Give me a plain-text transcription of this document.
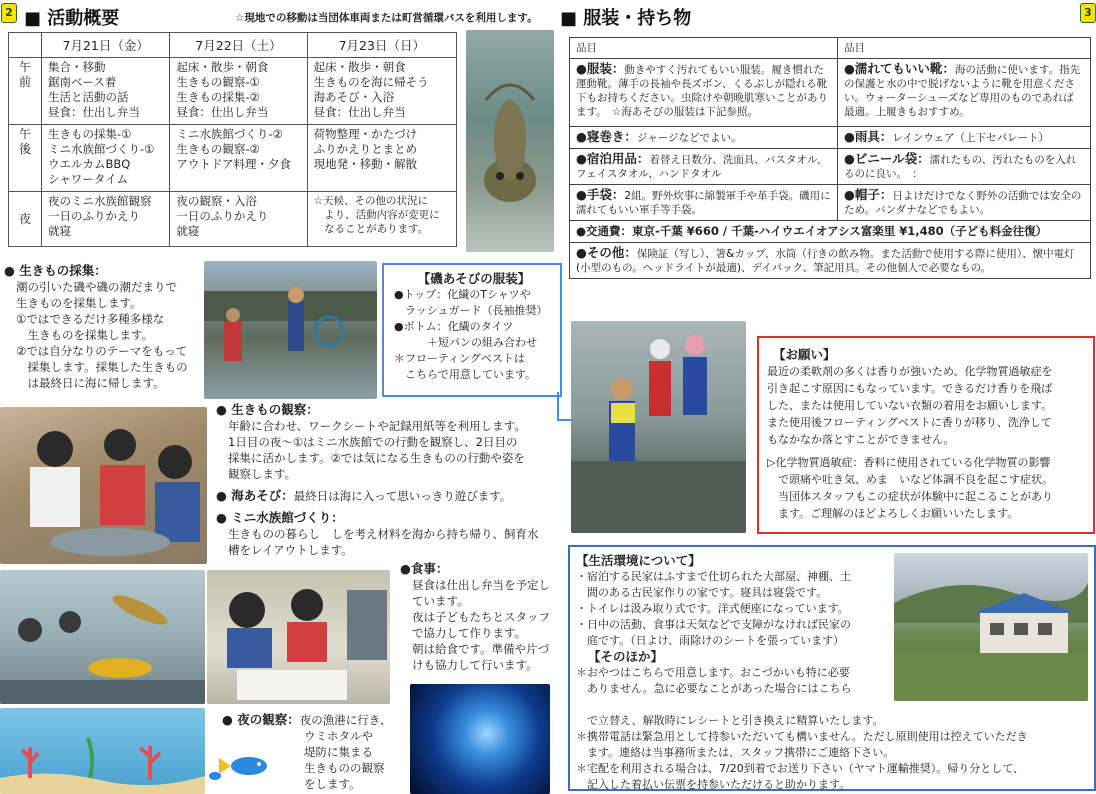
2	3
■ 活動概要	☆現地での移動は当団体車両または町営循環バスを利用します。
	7月21日（金）	7月22日（土）	7月23日（日）
午
前	集合・移動
鋸南ベース着
生活と活動の話
昼食：仕出し弁当	起床・散歩・朝食
生きもの観察-①
生きもの採集-②
昼食：仕出し弁当	起床・散歩・朝食
生きものを海に帰そう
海あそび・入浴
昼食：仕出し弁当
午
後	生きもの採集-①
ミニ水族館づくり-①
ウエルカムBBQ
シャワータイム	ミニ水族館づくり-②
生きもの観察-②
アウトドア料理・夕食	荷物整理・かたづけ
ふりかえりとまとめ
現地発・移動・解散
夜	夜のミニ水族館観察
一日のふりかえり
就寝	夜の観察・入浴
一日のふりかえり
就寝	☆天候、その他の状況に
　より、活動内容が変更に
　なることがあります。
● 生きもの採集：
潮の引いた磯や磯の潮だまりで
生きものを採集します。
①ではできるだけ多種多様な
　生きものを採集します。
②では自分なりのテーマをもって
　採集します。採集した生きもの
　は最終日に海に帰します。
【磯あそびの服装】
●トップ：化繊のTシャツや
　ラッシュガード（長袖推奨）
●ボトム：化繊のタイツ
　　　＋短パンの組み合わせ
＊フローティングベストは
　こちらで用意しています。
● 生きもの観察：
年齢に合わせ、ワークシートや記録用紙等を利用します。
1日目の夜〜①はミニ水族館での行動を観察し、2日目の
採集に活かします。②では気になる生きものの行動や姿を
観察します。
● 海あそび：最終日は海に入って思いっきり遊びます。
● ミニ水族館づくり：
生きものの暮らし　しを考え材料を海から持ち帰り、飼育水
槽をレイアウトします。
●食事：
昼食は仕出し弁当を予定し
ています。
夜は子どもたちとスタッフ
で協力して作ります。
朝は給食です。準備や片づ
けも協力して行います。
● 夜の観察：夜の漁港に行き、
ウミホタルや
堤防に集まる
生きものの観察
をします。
■ 服装・持ち物
品目	品目
●服装：動きやすく汚れてもいい服装。履き慣れた運動靴。薄手の長袖や長ズボン、くるぶしが隠れる靴下もお持ちください。虫除けや朝晩肌寒いことがあります。　☆海あそびの服装は下記参照。	●濡れてもいい靴：海の活動に使います。指先の保護と水の中で脱げないように靴を用意ください。ウォーターシューズなど専用のものであれば最適。上履きもおすすめ。
●寝巻き：ジャージなどでよい。	●雨具：レインウェア（上下セパレート）
●宿泊用品：着替え日数分、洗面具、バスタオル、フェイスタオル、ハンドタオル	●ビニール袋：濡れたもの、汚れたものを入れるのに良い。　：
●手袋：2組。野外炊事に綿製軍手や革手袋。磯用に濡れてもいい軍手等手袋。	●帽子：日よけだけでなく野外の活動では安全のため。バンダナなどでもよい。
●交通費：東京-千葉 ¥660 / 千葉-ハイウエイオアシス富楽里 ¥1,480（子ども料金往復）	
●その他：保険証（写し）、箸&カップ、水筒（行きの飲み物。また活動で使用する際に使用）、懐中電灯(小型のもの。ヘッドライトが最適)、デイパック、筆記用具。その他個人で必要なもの。	
【お願い】
最近の柔軟剤の多くは香りが強いため、化学物質過敏症を
引き起こす原因にもなっています。できるだけ香りを飛ば
した、または使用していない衣類の着用をお願いします。
また使用後フローティングベストに香りが移り、洗浄して
もなかなか落とすことができません。
▷化学物質過敏症：香料に使用されている化学物質の影響
　で頭痛や吐き気、めま　いなど体調不良を起こす症状。
　当団体スタッフもこの症状が体験中に起こることがあり
　ます。ご理解のほどよろしくお願いいたします。
【生活環境について】
・宿泊する民家はふすまで仕切られた大部屋、神棚、土
　間のある古民家作りの家です。寝具は寝袋です。
・トイレは汲み取り式です。洋式便座になっています。
・日中の活動、食事は天気などで支障がなければ民家の
　庭です。（日よけ、雨除けのシートを張っています）
【そのほか】
＊おやつはこちらで用意します。おこづかいも特に必要
　ありません。急に必要なことがあった場合にはこちら
　で立替え、解散時にレシートと引き換えに精算いたします。
＊携帯電話は緊急用として持参いただいても構いません。ただし原則使用は控えていただき
　ます。連絡は当事務所または、スタッフ携帯にご連絡下さい。
＊宅配を利用される場合は、7/20到着でお送り下さい（ヤマト運輸推奨）。帰り分として、
　記入した着払い伝票を持参いただけると助かります。
